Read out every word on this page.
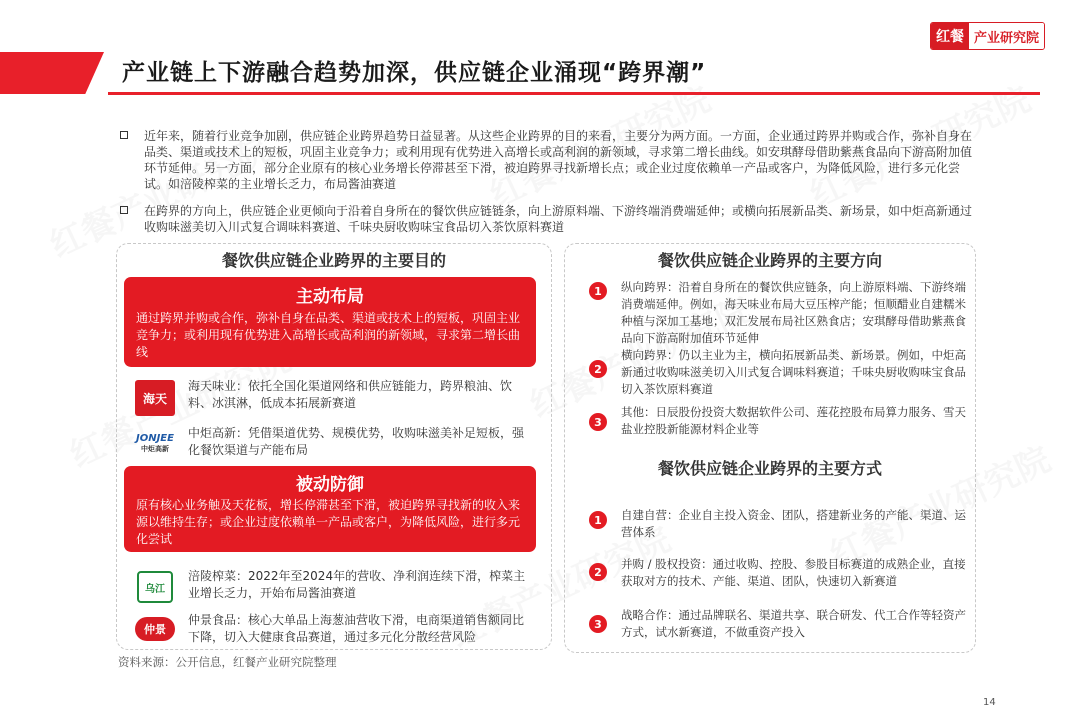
红餐 产业研究院
产业链上下游融合趋势加深，供应链企业涌现“跨界潮”
近年来，随着行业竞争加剧，供应链企业跨界趋势日益显著。从这些企业跨界的目的来看，主要分为两方面。一方面，企业通过跨界并购或合作，弥补自身在品类、渠道或技术上的短板，巩固主业竞争力；或利用现有优势进入高增长或高利润的新领域，寻求第二增长曲线。如安琪酵母借助紫燕食品向下游高附加值环节延伸。另一方面，部分企业原有的核心业务增长停滞甚至下滑，被迫跨界寻找新增长点；或企业过度依赖单一产品或客户，为降低风险，进行多元化尝试。如涪陵榨菜的主业增长乏力，布局酱油赛道
在跨界的方向上，供应链企业更倾向于沿着自身所在的餐饮供应链链条，向上游原料端、下游终端消费端延伸；或横向拓展新品类、新场景，如中炬高新通过收购味滋美切入川式复合调味料赛道、千味央厨收购味宝食品切入茶饮原料赛道
餐饮供应链企业跨界的主要目的
主动布局
通过跨界并购或合作，弥补自身在品类、渠道或技术上的短板，巩固主业竞争力；或利用现有优势进入高增长或高利润的新领域，寻求第二增长曲线
海天
海天味业：依托全国化渠道网络和供应链能力，跨界粮油、饮料、冰淇淋，低成本拓展新赛道
JONJEE
中炬高新
中炬高新：凭借渠道优势、规模优势，收购味滋美补足短板，强化餐饮渠道与产能布局
被动防御
原有核心业务触及天花板，增长停滞甚至下滑，被迫跨界寻找新的收入来源以维持生存；或企业过度依赖单一产品或客户，为降低风险，进行多元化尝试
乌江
涪陵榨菜：2022年至2024年的营收、净利润连续下滑，榨菜主业增长乏力，开始布局酱油赛道
仲景
仲景食品：核心大单品上海葱油营收下滑，电商渠道销售额同比下降，切入大健康食品赛道，通过多元化分散经营风险
餐饮供应链企业跨界的主要方向
1	纵向跨界：沿着自身所在的餐饮供应链条，向上游原料端、下游终端消费端延伸。例如，海天味业布局大豆压榨产能；恒顺醋业自建糯米种植与深加工基地；双汇发展布局社区熟食店；安琪酵母借助紫燕食品向下游高附加值环节延伸
2
横向跨界：仍以主业为主，横向拓展新品类、新场景。例如，中炬高新通过收购味滋美切入川式复合调味料赛道；千味央厨收购味宝食品切入茶饮原料赛道
3
其他：日辰股份投资大数据软件公司、莲花控股布局算力服务、雪天盐业控股新能源材料企业等
餐饮供应链企业跨界的主要方式
1	自建自营：企业自主投入资金、团队，搭建新业务的产能、渠道、运营体系
2
并购 / 股权投资：通过收购、控股、参股目标赛道的成熟企业，直接获取对方的技术、产能、渠道、团队，快速切入新赛道
3
战略合作：通过品牌联名、渠道共享、联合研发、代工合作等轻资产方式，试水新赛道，不做重资产投入
资料来源：公开信息，红餐产业研究院整理
14
